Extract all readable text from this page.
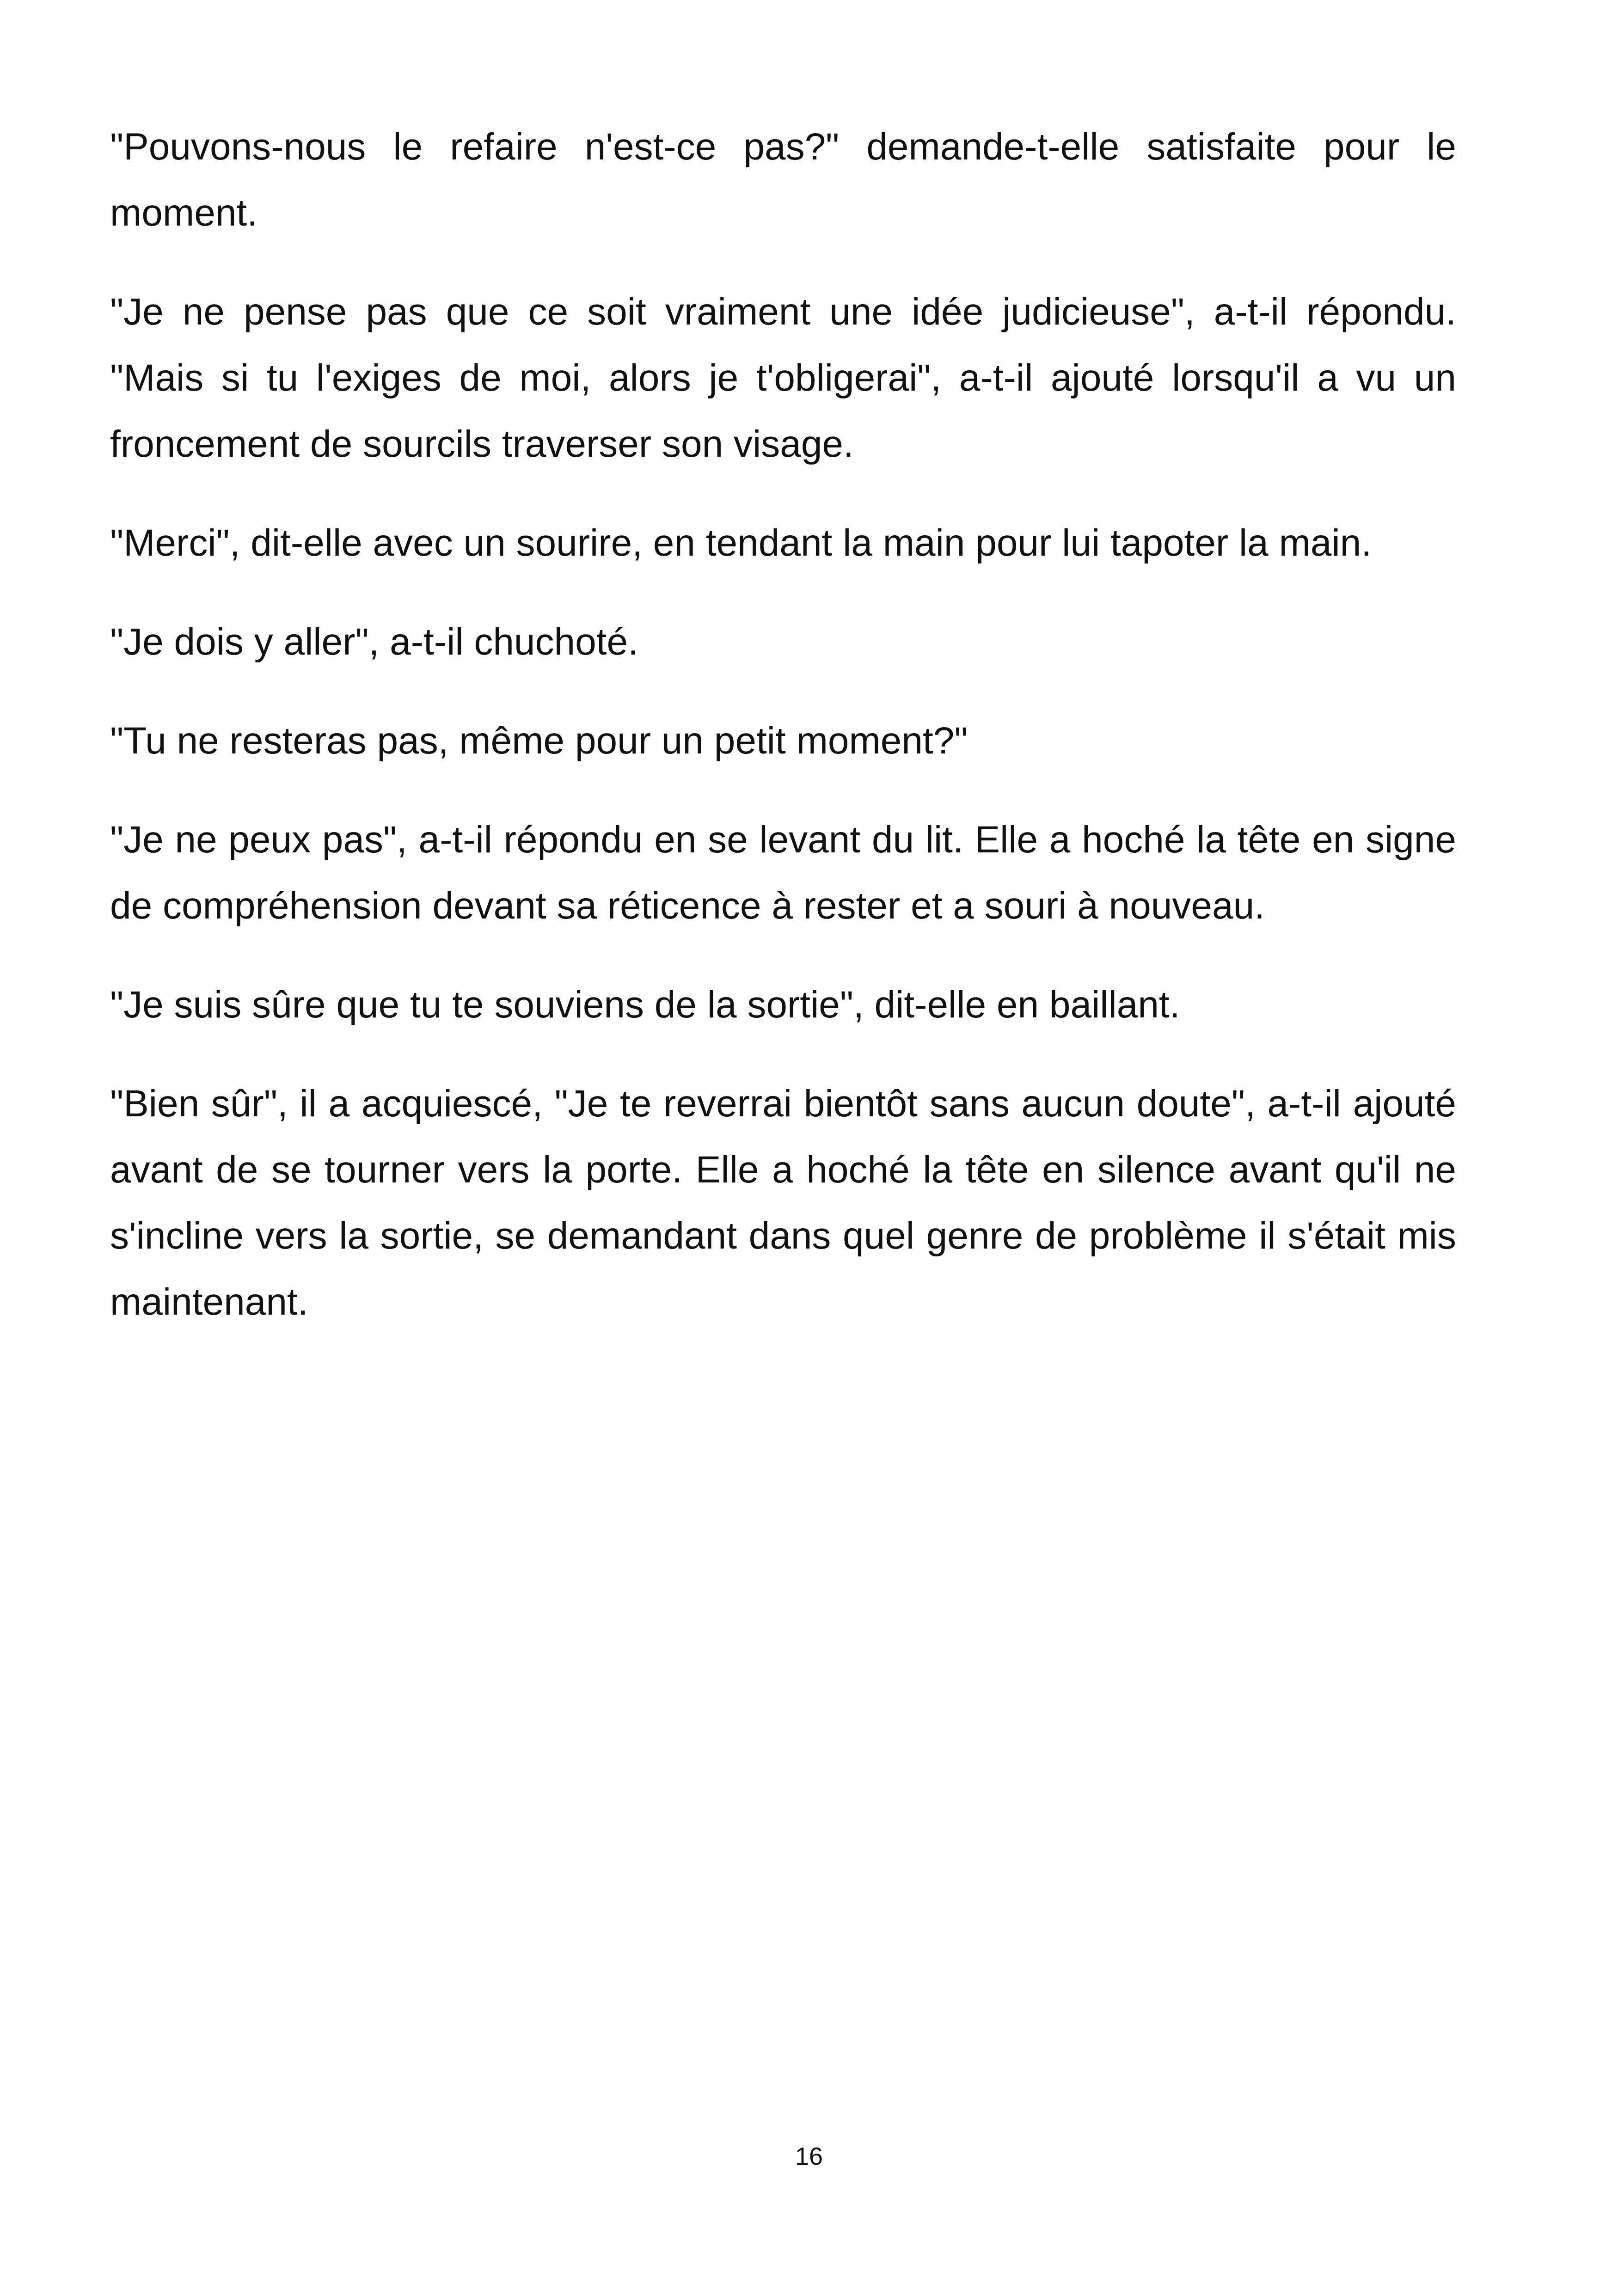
"Pouvons-nous le refaire n'est-ce pas?" demande-t-elle satisfaite pour le moment.

"Je ne pense pas que ce soit vraiment une idée judicieuse", a-t-il répondu. "Mais si tu l'exiges de moi, alors je t'obligerai", a-t-il ajouté lorsqu'il a vu un froncement de sourcils traverser son visage.

"Merci", dit-elle avec un sourire, en tendant la main pour lui tapoter la main.

"Je dois y aller", a-t-il chuchoté.

"Tu ne resteras pas, même pour un petit moment?"

"Je ne peux pas", a-t-il répondu en se levant du lit. Elle a hoché la tête en signe de compréhension devant sa réticence à rester et a souri à nouveau.

"Je suis sûre que tu te souviens de la sortie", dit-elle en baillant.

"Bien sûr", il a acquiescé, "Je te reverrai bientôt sans aucun doute", a-t-il ajouté avant de se tourner vers la porte. Elle a hoché la tête en silence avant qu'il ne s'incline vers la sortie, se demandant dans quel genre de problème il s'était mis maintenant.

16
